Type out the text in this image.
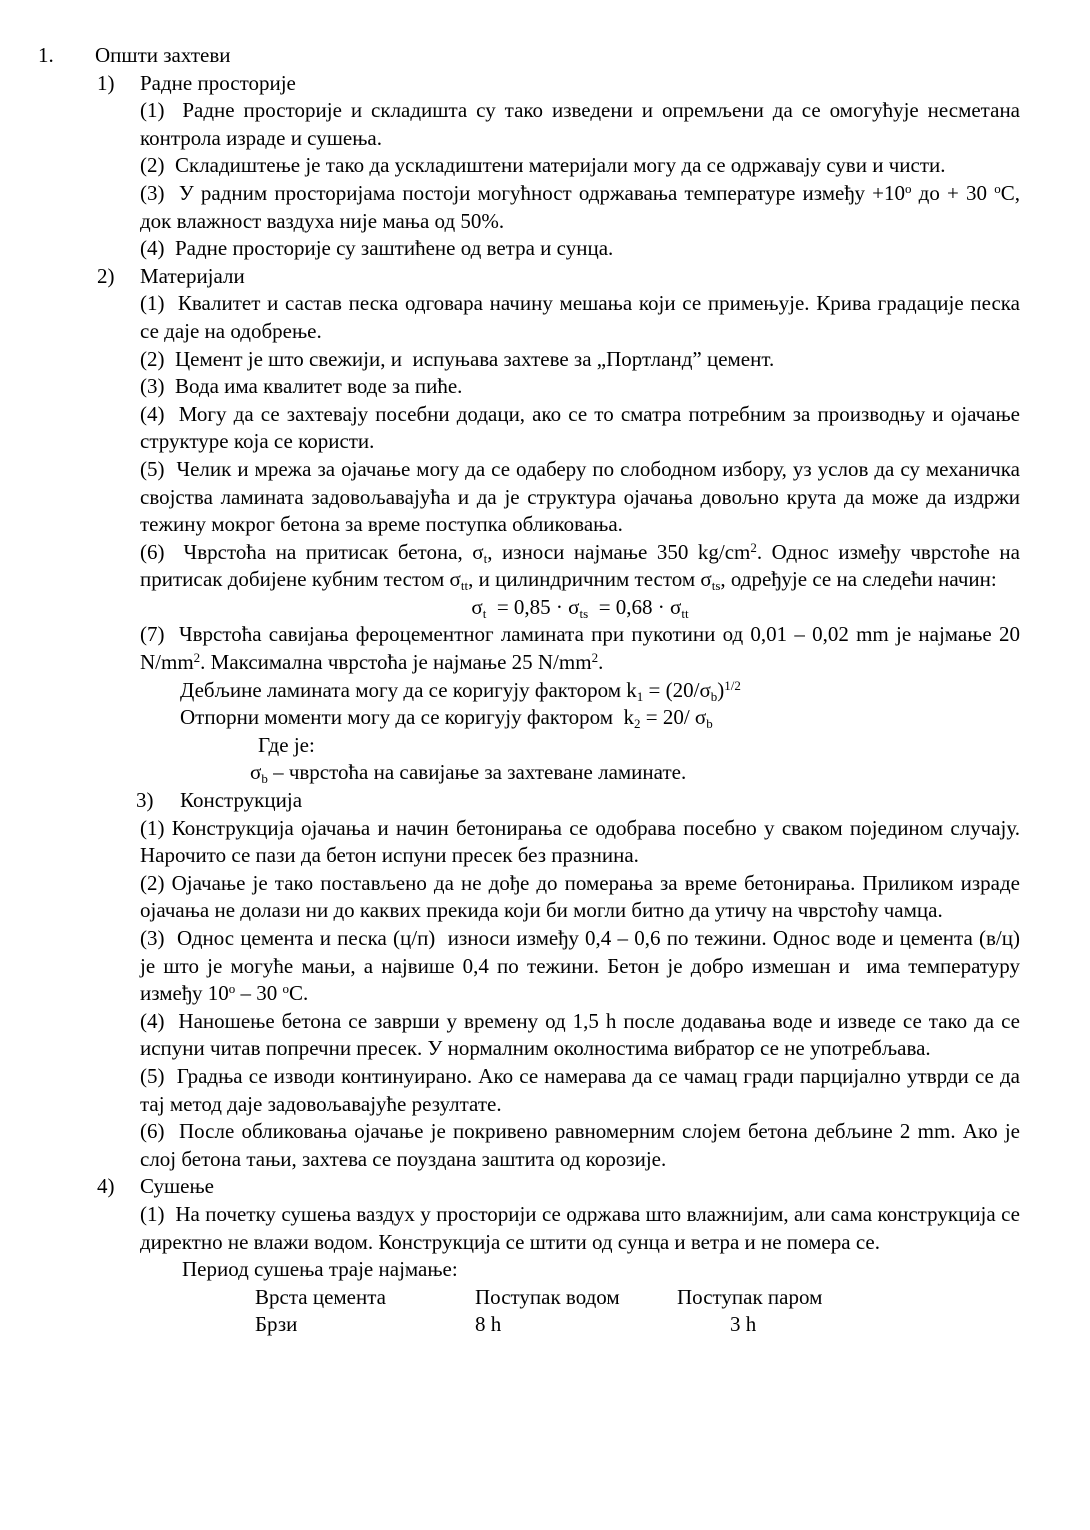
1. Општи захтеви
1) Радне просторије
(1)  Радне просторије и складишта су тако изведени и опремљени да се омогућује несметана контрола израде и сушења.
(2)  Складиштење је тако да ускладиштени материјали могу да се одржавају суви и чисти.
(3)  У радним просторијама постоји могућност одржавања температуре између $+10^о$ до + 30 $^о$С, док влажност ваздуха није мања од 50%.
(4)  Радне просторије су заштићене од ветра и сунца.
2) Материјали
(1)  Квалитет и састав песка одговара начину мешања који се примењује. Крива градације песка се даје на одобрење.
(2)  Цемент је што свежији, и  испуњава захтеве за „Портланд” цемент.
(3)  Вода има квалитет воде за пиће.
(4)  Могу да се захтевају посебни додаци, ако се то сматра потребним за производњу и ојачање структуре која се користи.
(5)  Челик и мрежа за ојачање могу да се одаберу по слободном избору, уз услов да су механичка својства ламината задовољавајућа и да је структура ојачања довољно крута да може да издржи тежину мокрог бетона за време поступка обликовања.
(6)  Чврстоћа на притисак бетона, $\sigma_t$, износи најмање 350 $kg/cm^2$. Однос између чврстоће на притисак добијене кубним тестом $\sigma_{tt}$, и цилиндричним тестом $\sigma_{ts}$, одређује се на следећи начин:
$\sigma_t = 0,85 \cdot \sigma_{ts} = 0,68 \cdot \sigma_{tt}$
(7)  Чврстоћа савијања фероцементног ламината при пукотини од 0,01 – 0,02 mm је најмање 20 $N/mm^2$. Максимална чврстоћа је најмање 25 $N/mm^2$.
Дебљине ламината могу да се коригују фактором $k_1 = (20/\sigma_b)^{1/2}$
Отпорни моменти могу да се коригују фактором  $k_2 = 20/$ $\sigma_b$
Где је:
$\sigma_b$ – чврстоћа на савијање за захтеване ламинате.
3) Конструкција
(1) Конструкција ојачања и начин бетонирања се одобрава посебно у сваком поједином случају. Нарочито се пази да бетон испуни пресек без празнина.
(2) Ојачање је тако постављено да не дође до померања за време бетонирања. Приликом израде ојачања не долази ни до каквих прекида који би могли битно да утичу на чврстоћу чамца.
(3)  Однос цемента и песка (ц/п)  износи између 0,4 – 0,6 по тежини. Однос воде и цемента (в/ц) је што је могуће мањи, а највише 0,4 по тежини. Бетон је добро измешан и  има температуру између $10^о - 30$ $^о$С.
(4)  Наношење бетона се заврши у времену од 1,5 h после додавања воде и изведе се тако да се испуни читав попречни пресек. У нормалним околностима вибратор се не употребљава.
(5)  Градња се изводи континуирано. Ако се намерава да се чамац гради парцијално утврди се да тај метод даје задовољавајуће резултате.
(6)  После обликовања ојачање је покривено равномерним слојем бетона дебљине 2 mm. Ако је слој бетона тањи, захтева се поуздана заштита од корозије.
4) Сушење
(1)  На почетку сушења ваздух у просторији се одржава што влажнијим, али сама конструкција се директно не влажи водом. Конструкција се штити од сунца и ветра и не помера се.
Период сушења траје најмање:
Врста цемента	Поступак водом	Поступак паром
Брзи	8 h	3 h
